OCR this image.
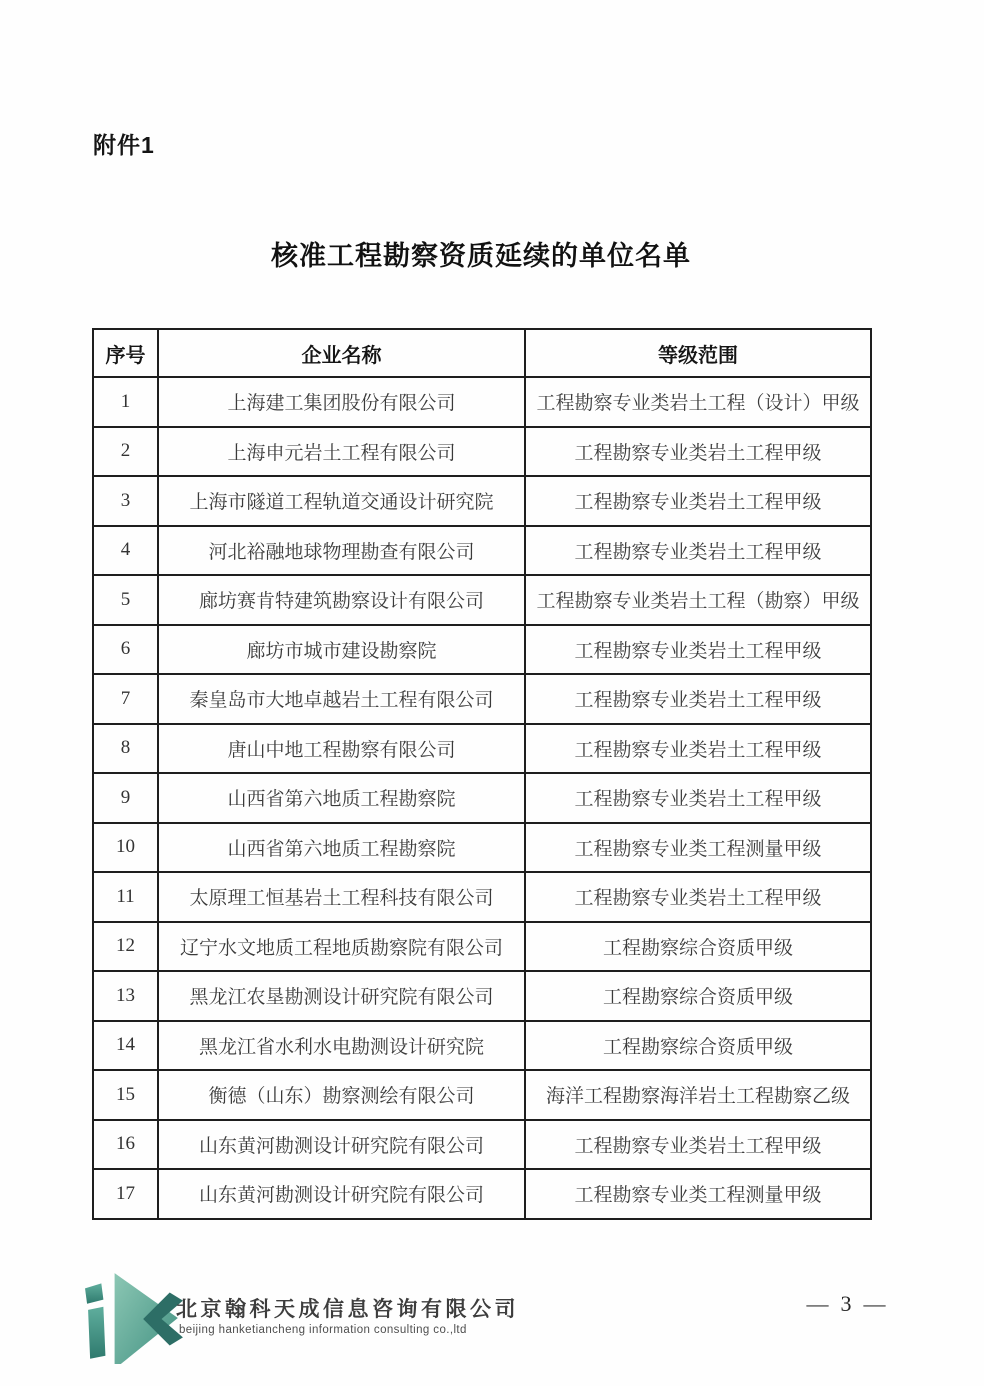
附件1
核准工程勘察资质延续的单位名单
序号	企业名称	等级范围
1	上海建工集团股份有限公司	工程勘察专业类岩土工程（设计）甲级
2	上海申元岩土工程有限公司	工程勘察专业类岩土工程甲级
3	上海市隧道工程轨道交通设计研究院	工程勘察专业类岩土工程甲级
4	河北裕融地球物理勘查有限公司	工程勘察专业类岩土工程甲级
5	廊坊赛肯特建筑勘察设计有限公司	工程勘察专业类岩土工程（勘察）甲级
6	廊坊市城市建设勘察院	工程勘察专业类岩土工程甲级
7	秦皇岛市大地卓越岩土工程有限公司	工程勘察专业类岩土工程甲级
8	唐山中地工程勘察有限公司	工程勘察专业类岩土工程甲级
9	山西省第六地质工程勘察院	工程勘察专业类岩土工程甲级
10	山西省第六地质工程勘察院	工程勘察专业类工程测量甲级
11	太原理工恒基岩土工程科技有限公司	工程勘察专业类岩土工程甲级
12	辽宁水文地质工程地质勘察院有限公司	工程勘察综合资质甲级
13	黑龙江农垦勘测设计研究院有限公司	工程勘察综合资质甲级
14	黑龙江省水利水电勘测设计研究院	工程勘察综合资质甲级
15	衡德（山东）勘察测绘有限公司	海洋工程勘察海洋岩土工程勘察乙级
16	山东黄河勘测设计研究院有限公司	工程勘察专业类岩土工程甲级
17	山东黄河勘测设计研究院有限公司	工程勘察专业类工程测量甲级
北京翰科天成信息咨询有限公司
beijing hanketiancheng information consulting co.,ltd
— 3 —
